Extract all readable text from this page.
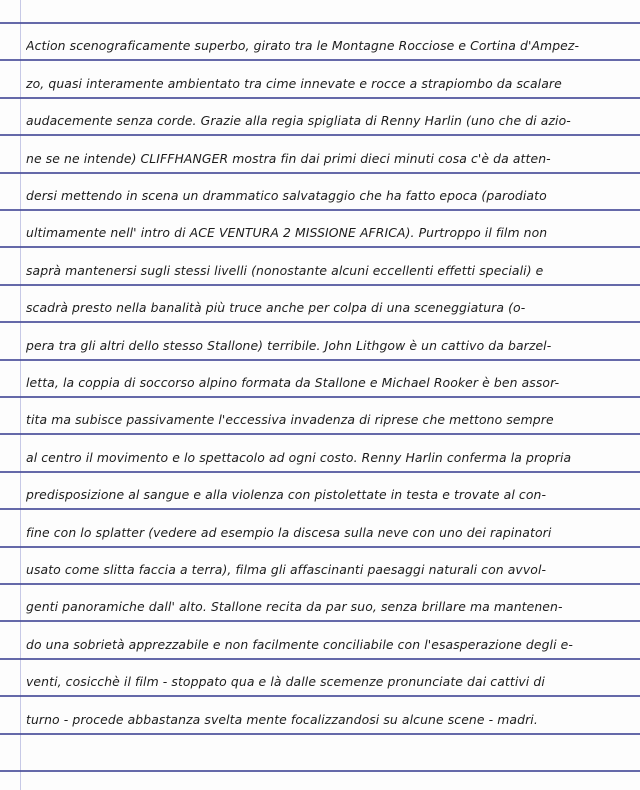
Action scenograficamente superbo, girato tra le Montagne Rocciose e Cortina d'Ampez-
zo, quasi interamente ambientato tra cime innevate e rocce a strapiombo da scalare
audacemente senza corde. Grazie alla regia spigliata di Renny Harlin (uno che di azio-
ne se ne intende) CLIFFHANGER mostra fin dai primi dieci minuti cosa c'è da atten-
dersi mettendo in scena un drammatico salvataggio che ha fatto epoca (parodiato
ultimamente nell' intro di ACE VENTURA 2 MISSIONE AFRICA). Purtroppo il film non
saprà mantenersi sugli stessi livelli (nonostante alcuni eccellenti effetti speciali) e
scadrà presto nella banalità più truce anche per colpa di una sceneggiatura (o-
pera tra gli altri dello stesso Stallone) terribile. John Lithgow è un cattivo da barzel-
letta, la coppia di soccorso alpino formata da Stallone e Michael Rooker è ben assor-
tita ma subisce passivamente l'eccessiva invadenza di riprese che mettono sempre
al centro il movimento e lo spettacolo ad ogni costo. Renny Harlin conferma la propria
predisposizione al sangue e alla violenza con pistolettate in testa e trovate al con-
fine con lo splatter (vedere ad esempio la discesa sulla neve con uno dei rapinatori
usato come slitta faccia a terra), filma gli affascinanti paesaggi naturali con avvol-
genti panoramiche dall' alto. Stallone recita da par suo, senza brillare ma mantenen-
do una sobrietà apprezzabile e non facilmente conciliabile con l'esasperazione degli e-
venti, cosicchè il film - stoppato qua e là dalle scemenze pronunciate dai cattivi di
turno - procede abbastanza svelta mente focalizzandosi su alcune scene - madri.
